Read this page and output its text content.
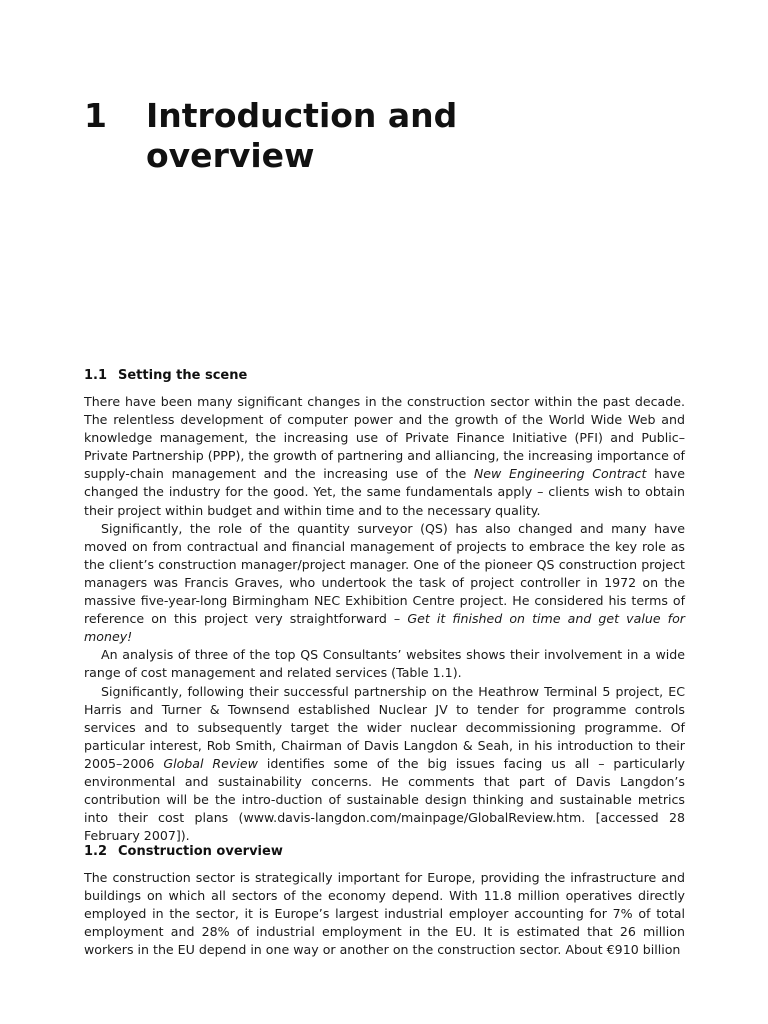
1 Introduction and
overview
1.1 Setting the scene

There have been many significant changes in the construction sector within the past decade. The relentless development of computer power and the growth of the World Wide Web and knowledge management, the increasing use of Private Finance Initiative (PFI) and Public–Private Partnership (PPP), the growth of partnering and alliancing, the increasing importance of supply-chain management and the increasing use of the New Engineering Contract have changed the industry for the good. Yet, the same fundamentals apply – clients wish to obtain their project within budget and within time and to the necessary quality.

Significantly, the role of the quantity surveyor (QS) has also changed and many have moved on from contractual and financial management of projects to embrace the key role as the client’s construction manager/project manager. One of the pioneer QS construction project managers was Francis Graves, who undertook the task of project controller in 1972 on the massive five-year-long Birmingham NEC Exhibition Centre project. He considered his terms of reference on this project very straightforward – Get it finished on time and get value for money!

An analysis of three of the top QS Consultants’ websites shows their involvement in a wide range of cost management and related services (Table 1.1).

Significantly, following their successful partnership on the Heathrow Terminal 5 project, EC Harris and Turner & Townsend established Nuclear JV to tender for programme controls services and to subsequently target the wider nuclear decommissioning programme. Of particular interest, Rob Smith, Chairman of Davis Langdon & Seah, in his introduction to their 2005–2006 Global Review identifies some of the big issues facing us all – particularly environmental and sustainability concerns. He comments that part of Davis Langdon’s contribution will be the intro-duction of sustainable design thinking and sustainable metrics into their cost plans (www.davis-langdon.com/mainpage/GlobalReview.htm. [accessed 28 February 2007]).

1.2 Construction overview

The construction sector is strategically important for Europe, providing the infrastructure and buildings on which all sectors of the economy depend. With 11.8 million operatives directly employed in the sector, it is Europe’s largest industrial employer accounting for 7% of total employment and 28% of industrial employment in the EU. It is estimated that 26 million workers in the EU depend in one way or another on the construction sector. About €910 billion
